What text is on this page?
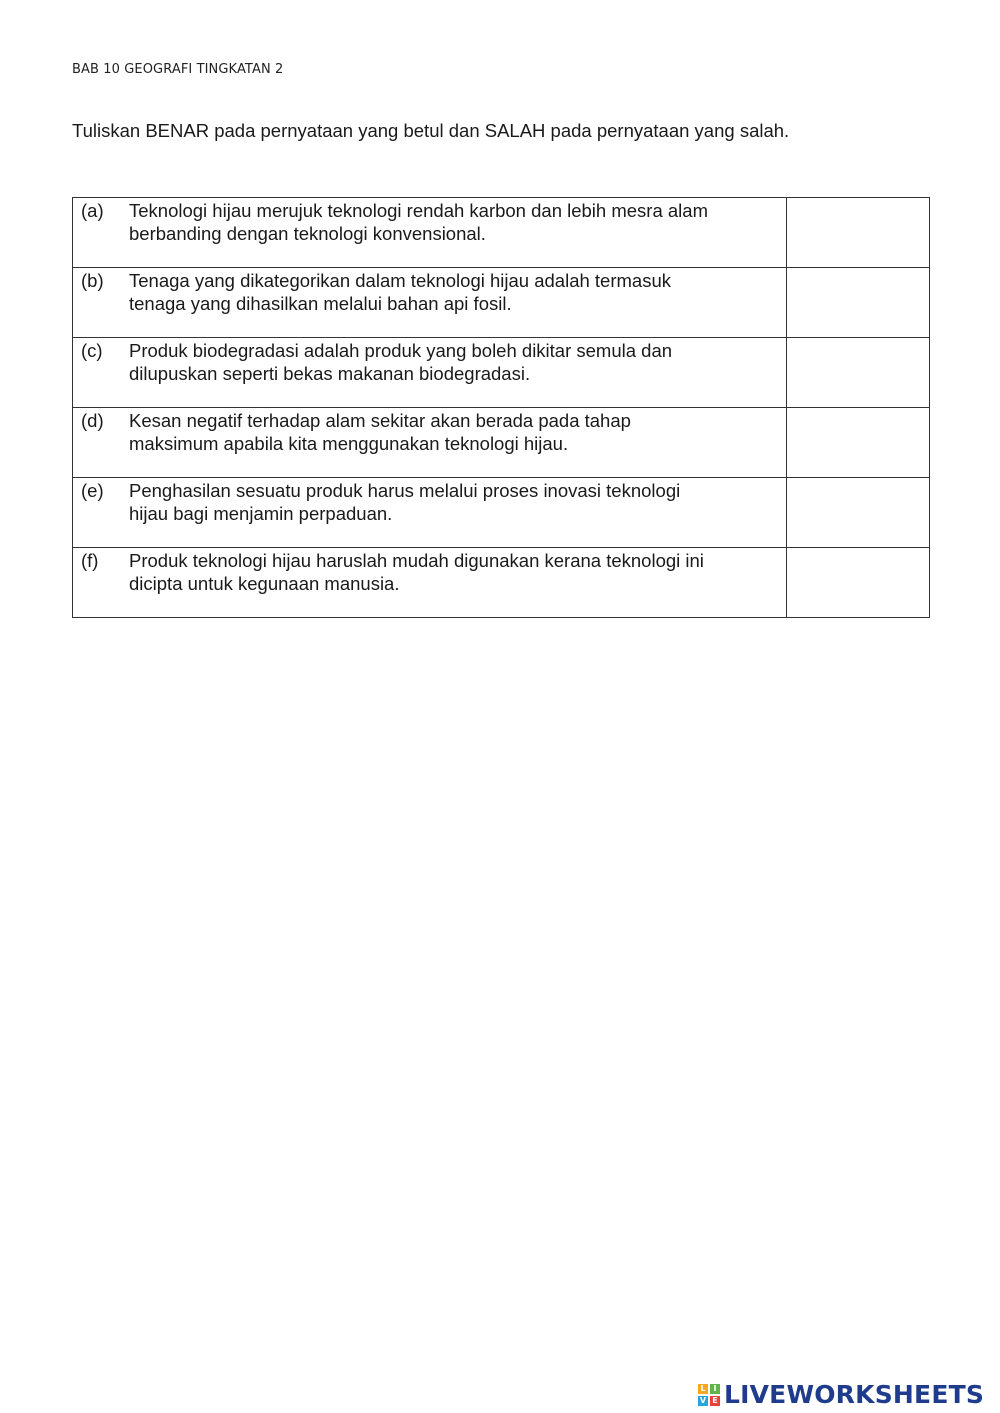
BAB 10 GEOGRAFI TINGKATAN 2
Tuliskan BENAR pada pernyataan yang betul dan SALAH pada pernyataan yang salah.
(a) Teknologi hijau merujuk teknologi rendah karbon dan lebih mesra alam
berbanding dengan teknologi konvensional.

(b) Tenaga yang dikategorikan dalam teknologi hijau adalah termasuk
tenaga yang dihasilkan melalui bahan api fosil.

(c) Produk biodegradasi adalah produk yang boleh dikitar semula dan
dilupuskan seperti bekas makanan biodegradasi.

(d) Kesan negatif terhadap alam sekitar akan berada pada tahap
maksimum apabila kita menggunakan teknologi hijau.

(e) Penghasilan sesuatu produk harus melalui proses inovasi teknologi
hijau bagi menjamin perpaduan.

(f) Produk teknologi hijau haruslah mudah digunakan kerana teknologi ini
dicipta untuk kegunaan manusia.

L I
V E LIVEWORKSHEETS
